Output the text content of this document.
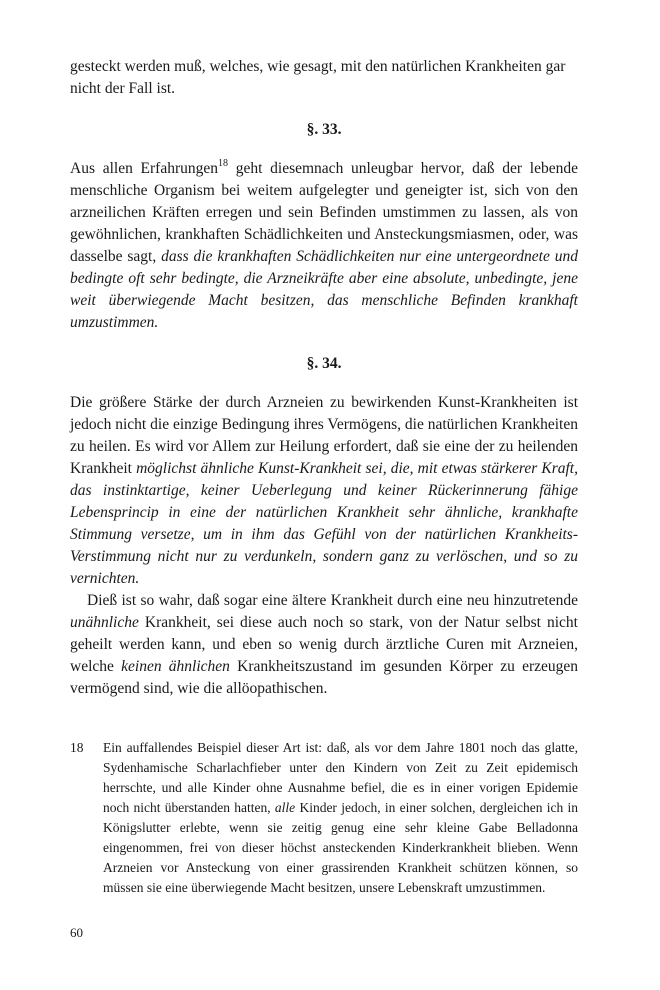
gesteckt werden muß, welches, wie gesagt, mit den natürlichen Krankheiten gar nicht der Fall ist.

§. 33.

Aus allen Erfahrungen$^{18}$ geht diesemnach unleugbar hervor, daß der lebende menschliche Organism bei weitem aufgelegter und geneigter ist, sich von den arzneilichen Kräften erregen und sein Befinden umstimmen zu lassen, als von gewöhnlichen, krankhaften Schädlichkeiten und Ansteckungsmiasmen, oder, was dasselbe sagt, dass die krankhaften Schädlichkeiten nur eine untergeordnete und bedingte oft sehr bedingte, die Arzneikräfte aber eine absolute, unbedingte, jene weit überwiegende Macht besitzen, das menschliche Befinden krankhaft umzustimmen.

§. 34.

Die größere Stärke der durch Arzneien zu bewirkenden Kunst-Krankheiten ist jedoch nicht die einzige Bedingung ihres Vermögens, die natürlichen Krankheiten zu heilen. Es wird vor Allem zur Heilung erfordert, daß sie eine der zu heilenden Krankheit möglichst ähnliche Kunst-Krankheit sei, die, mit etwas stärkerer Kraft, das instinktartige, keiner Ueberlegung und keiner Rückerinnerung fähige Lebensprincip in eine der natürlichen Krankheit sehr ähnliche, krankhafte Stimmung versetze, um in ihm das Gefühl von der natürlichen Krankheits-Verstimmung nicht nur zu verdunkeln, sondern ganz zu verlöschen, und so zu vernichten.

Dieß ist so wahr, daß sogar eine ältere Krankheit durch eine neu hinzutretende unähnliche Krankheit, sei diese auch noch so stark, von der Natur selbst nicht geheilt werden kann, und eben so wenig durch ärztliche Curen mit Arzneien, welche keinen ähnlichen Krankheitszustand im gesunden Körper zu erzeugen vermögend sind, wie die allöopathischen.

18 Ein auffallendes Beispiel dieser Art ist: daß, als vor dem Jahre 1801 noch das glatte, Sydenhamische Scharlachfieber unter den Kindern von Zeit zu Zeit epidemisch herrschte, und alle Kinder ohne Ausnahme befiel, die es in einer vorigen Epidemie noch nicht überstanden hatten, alle Kinder jedoch, in einer solchen, dergleichen ich in Königslutter erlebte, wenn sie zeitig genug eine sehr kleine Gabe Belladonna eingenommen, frei von dieser höchst ansteckenden Kinderkrankheit blieben. Wenn Arzneien vor Ansteckung von einer grassirenden Krankheit schützen können, so müssen sie eine überwiegende Macht besitzen, unsere Lebenskraft umzustimmen.
60
